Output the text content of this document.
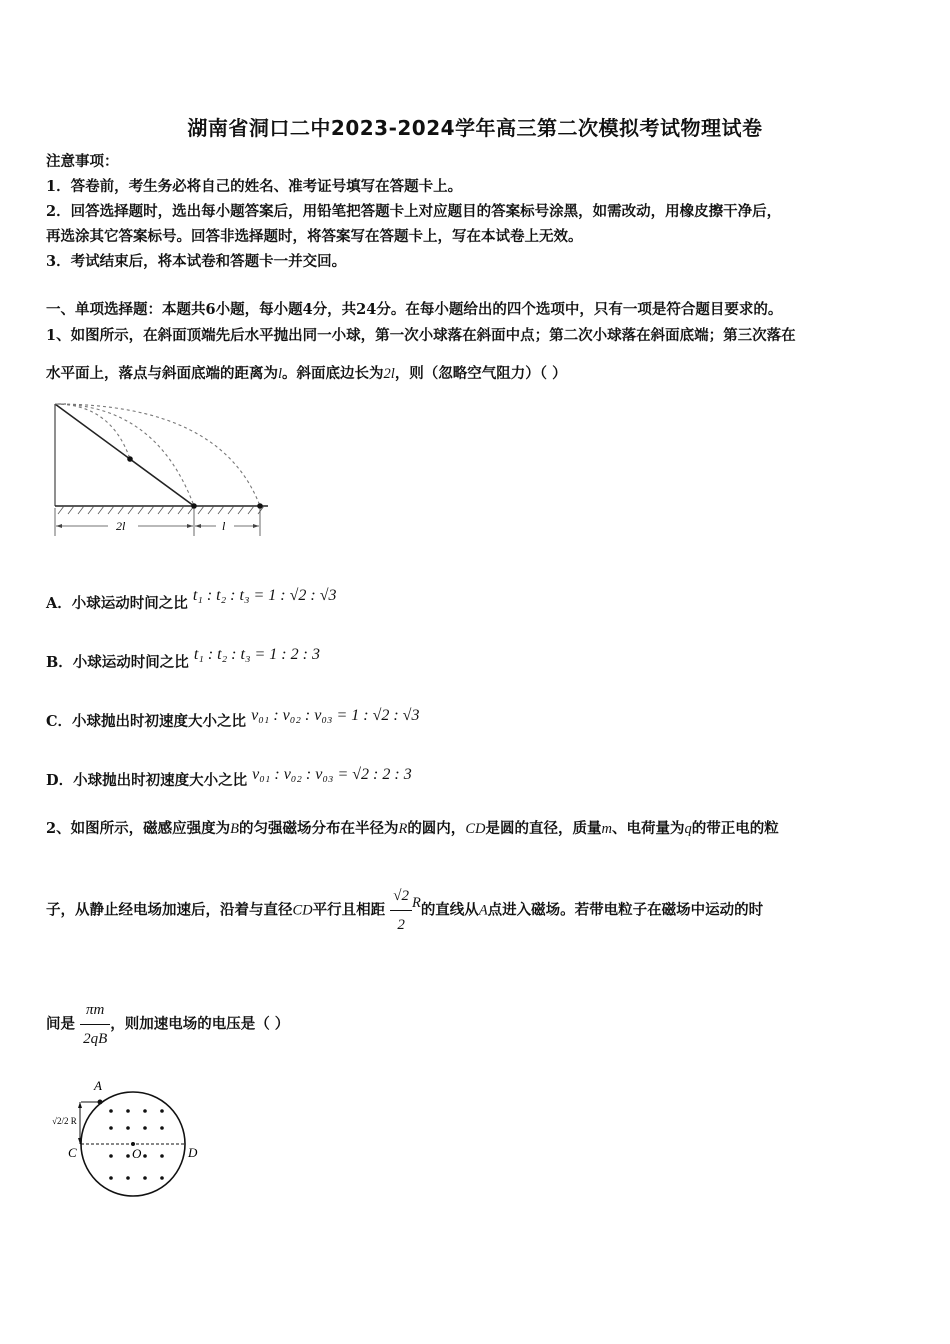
湖南省洞口二中2023-2024学年高三第二次模拟考试物理试卷
注意事项：
1．答卷前，考生务必将自己的姓名、准考证号填写在答题卡上。
2．回答选择题时，选出每小题答案后，用铅笔把答题卡上对应题目的答案标号涂黑，如需改动，用橡皮擦干净后，
再选涂其它答案标号。回答非选择题时，将答案写在答题卡上，写在本试卷上无效。
3．考试结束后，将本试卷和答题卡一并交回。
一、单项选择题：本题共6小题，每小题4分，共24分。在每小题给出的四个选项中，只有一项是符合题目要求的。
1、如图所示，在斜面顶端先后水平抛出同一小球，第一次小球落在斜面中点；第二次小球落在斜面底端；第三次落在
水平面上，落点与斜面底端的距离为l。斜面底边长为2l，则（忽略空气阻力）（ ）
2l	l
A．小球运动时间之比 t₁ : t₂ : t₃ = 1 : √2 : √3
B．小球运动时间之比 t₁ : t₂ : t₃ = 1 : 2 : 3
C．小球抛出时初速度大小之比 v₀₁ : v₀₂ : v₀₃ = 1 : √2 : √3
D．小球抛出时初速度大小之比 v₀₁ : v₀₂ : v₀₃ = √2 : 2 : 3
2、如图所示，磁感应强度为B的匀强磁场分布在半径为R的圆内，CD是圆的直径，质量m、电荷量为q的带正电的粒
子，从静止经电场加速后，沿着与直径CD平行且相距 $\frac{√2}{2}$ R的直线从A点进入磁场。若带电粒子在磁场中运动的时
间是 $\frac{\pi m}{2qB}$ ，则加速电场的电压是（ ）
√2/2 R
A
C	D
O
